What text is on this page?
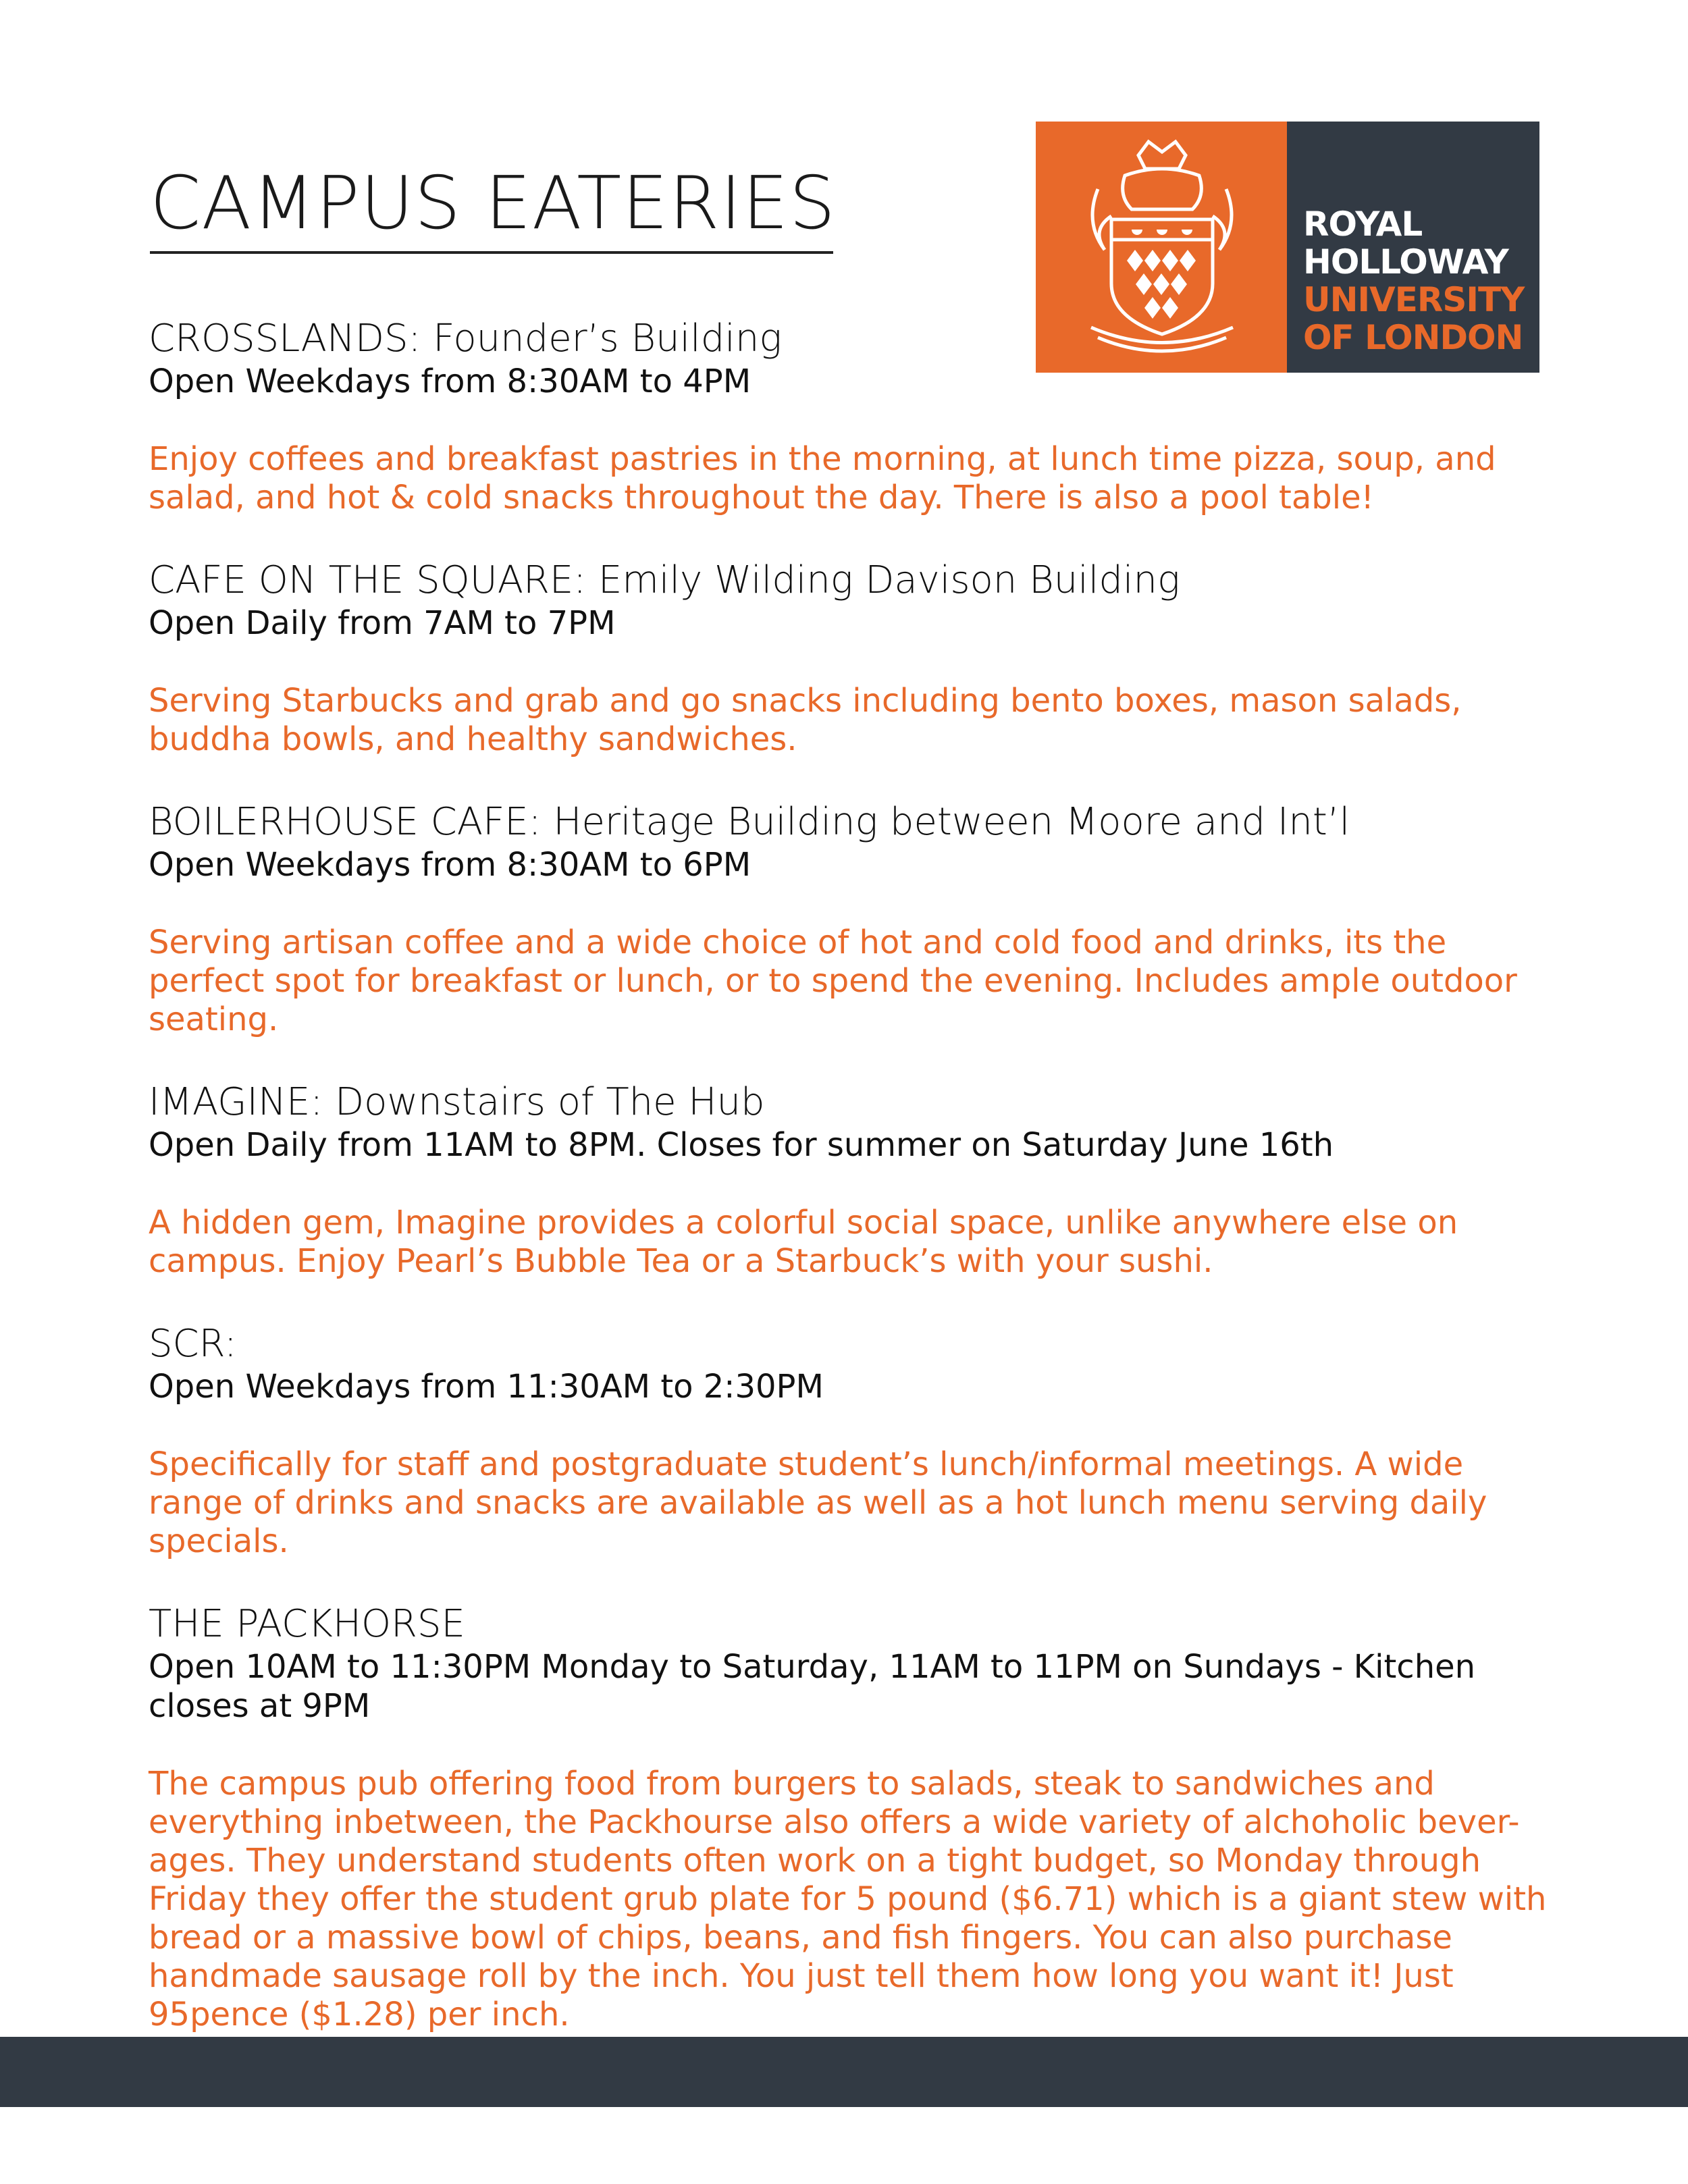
CAMPUS EATERIES	ROYAL
HOLLOWAY
UNIVERSITY
OF LONDON
CROSSLANDS: Founder’s Building
Open Weekdays from 8:30AM to 4PM
Enjoy coffees and breakfast pastries in the morning, at lunch time pizza, soup, and salad, and hot & cold snacks throughout the day. There is also a pool table!
CAFE ON THE SQUARE: Emily Wilding Davison Building
Open Daily from 7AM to 7PM
Serving Starbucks and grab and go snacks including bento boxes, mason salads, buddha bowls, and healthy sandwiches.
BOILERHOUSE CAFE: Heritage Building between Moore and Int’l
Open Weekdays from 8:30AM to 6PM
Serving artisan coffee and a wide choice of hot and cold food and drinks, its the perfect spot for breakfast or lunch, or to spend the evening. Includes ample outdoor seating.
IMAGINE: Downstairs of The Hub
Open Daily from 11AM to 8PM. Closes for summer on Saturday June 16th
A hidden gem, Imagine provides a colorful social space, unlike anywhere else on campus. Enjoy Pearl’s Bubble Tea or a Starbuck’s with your sushi.
SCR:
Open Weekdays from 11:30AM to 2:30PM
Specifically for staff and postgraduate student’s lunch/informal meetings. A wide range of drinks and snacks are available as well as a hot lunch menu serving daily specials.
THE PACKHORSE
Open 10AM to 11:30PM Monday to Saturday, 11AM to 11PM on Sundays - Kitchen closes at 9PM
The campus pub offering food from burgers to salads, steak to sandwiches and everything inbetween, the Packhourse also offers a wide variety of alchoholic bever-ages. They understand students often work on a tight budget, so Monday through Friday they offer the student grub plate for 5 pound ($6.71) which is a giant stew with bread or a massive bowl of chips, beans, and fish fingers. You can also purchase handmade sausage roll by the inch. You just tell them how long you want it! Just 95pence ($1.28) per inch.
